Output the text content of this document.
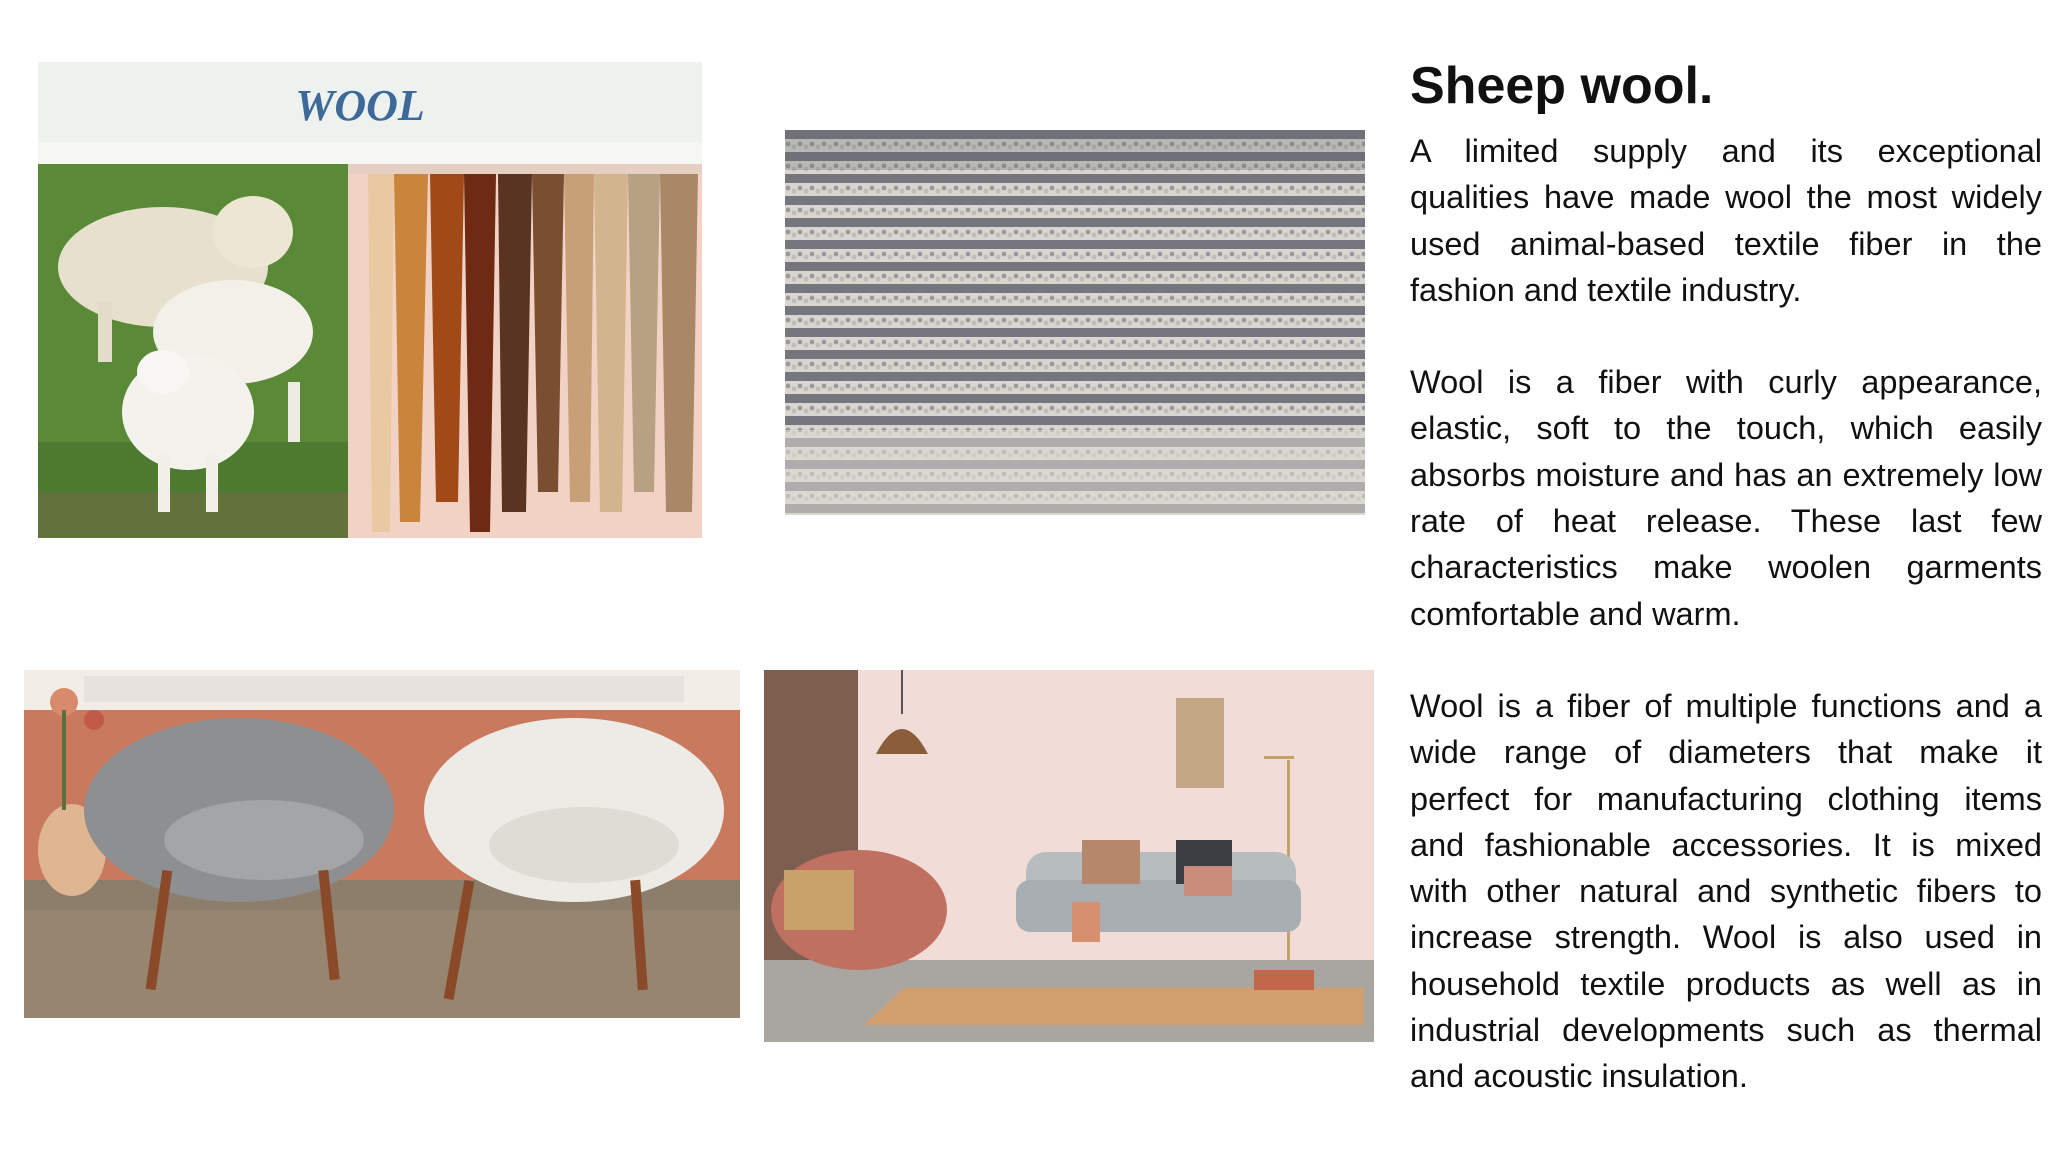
WOOL	Sheep wool.

A limited supply and its exceptional qualities have made wool the most widely used animal-based textile fiber in the fashion and textile industry.

Wool is a fiber with curly appearance, elastic, soft to the touch, which easily absorbs moisture and has an extremely low rate of heat release. These last few characteristics make woolen garments comfortable and warm.

Wool is a fiber of multiple functions and a wide range of diameters that make it perfect for manufacturing clothing items and fashionable accessories. It is mixed with other natural and synthetic fibers to increase strength. Wool is also used in household textile products as well as in industrial developments such as thermal and acoustic insulation.
